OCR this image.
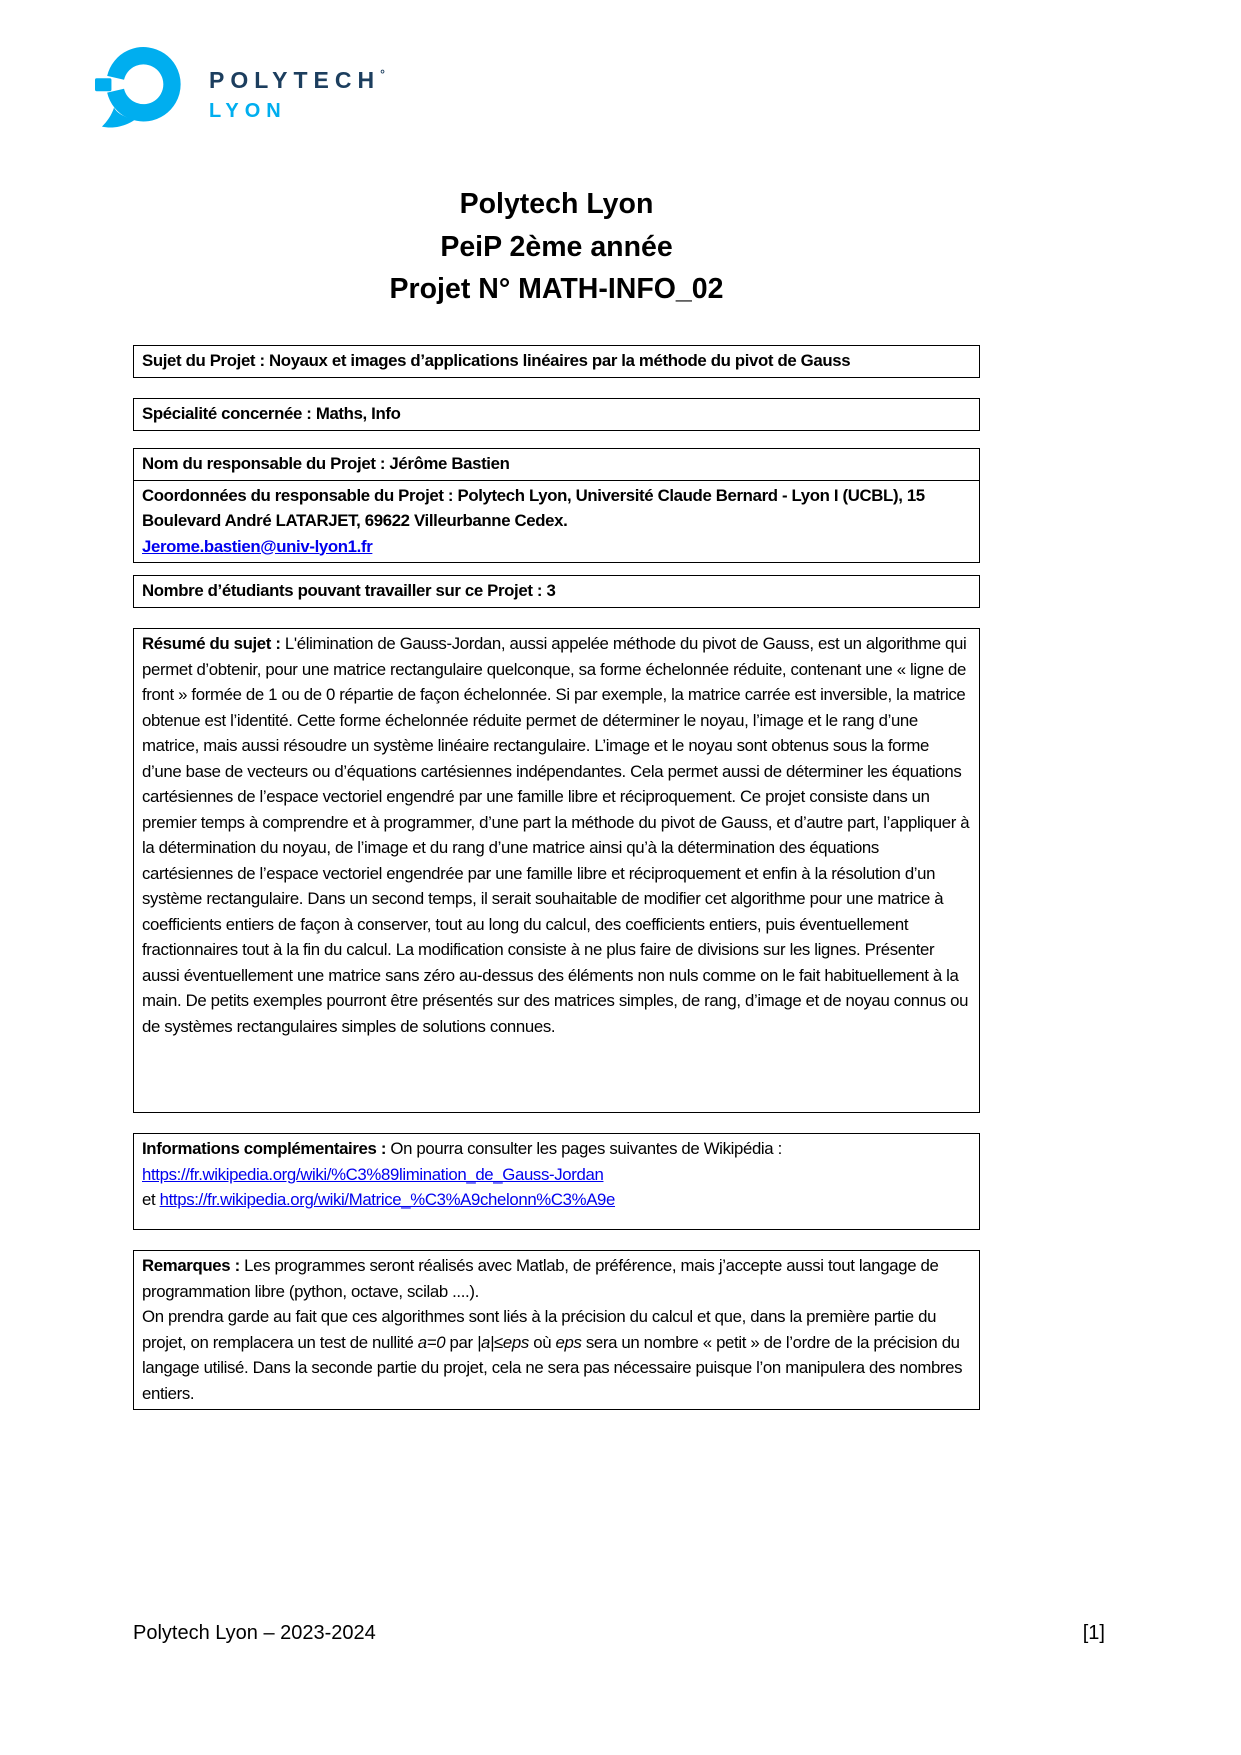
POLYTECH°
LYON
Polytech Lyon
PeiP 2ème année
Projet N° MATH-INFO_02
Sujet du Projet : Noyaux et images d’applications linéaires par la méthode du pivot de Gauss
Spécialité concernée : Maths, Info
Nom du responsable du Projet : Jérôme Bastien
Coordonnées du responsable du Projet : Polytech Lyon, Université Claude Bernard - Lyon I (UCBL), 15 Boulevard André LATARJET, 69622 Villeurbanne Cedex.
Jerome.bastien@univ-lyon1.fr
Nombre d’étudiants pouvant travailler sur ce Projet : 3
Résumé du sujet : L'élimination de Gauss-Jordan, aussi appelée méthode du pivot de Gauss, est un algorithme qui permet d’obtenir, pour une matrice rectangulaire quelconque, sa forme échelonnée réduite, contenant une « ligne de front » formée de 1 ou de 0 répartie de façon échelonnée. Si par exemple, la matrice carrée est inversible, la matrice obtenue est l’identité. Cette forme échelonnée réduite permet de déterminer le noyau, l’image et le rang d’une matrice, mais aussi résoudre un système linéaire rectangulaire. L’image et le noyau sont obtenus sous la forme d’une base de vecteurs ou d’équations cartésiennes indépendantes. Cela permet aussi de déterminer les équations cartésiennes de l’espace vectoriel engendré par une famille libre et réciproquement. Ce projet consiste dans un premier temps à comprendre et à programmer, d’une part la méthode du pivot de Gauss, et d’autre part, l’appliquer à la détermination du noyau, de l’image et du rang d’une matrice ainsi qu’à la détermination des équations cartésiennes de l’espace vectoriel engendrée par une famille libre et réciproquement et enfin à la résolution d’un système rectangulaire. Dans un second temps, il serait souhaitable de modifier cet algorithme pour une matrice à coefficients entiers de façon à conserver, tout au long du calcul, des coefficients entiers, puis éventuellement fractionnaires tout à la fin du calcul. La modification consiste à ne plus faire de divisions sur les lignes. Présenter aussi éventuellement une matrice sans zéro au-dessus des éléments non nuls comme on le fait habituellement à la main. De petits exemples pourront être présentés sur des matrices simples, de rang, d’image et de noyau connus ou de systèmes rectangulaires simples de solutions connues.
Informations complémentaires : On pourra consulter les pages suivantes de Wikipédia :
https://fr.wikipedia.org/wiki/%C3%89limination_de_Gauss-Jordan
et https://fr.wikipedia.org/wiki/Matrice_%C3%A9chelonn%C3%A9e
Remarques : Les programmes seront réalisés avec Matlab, de préférence, mais j’accepte aussi tout langage de programmation libre (python, octave, scilab ....).
On prendra garde au fait que ces algorithmes sont liés à la précision du calcul et que, dans la première partie du projet, on remplacera un test de nullité a=0 par |a|≤eps où eps sera un nombre « petit » de l’ordre de la précision du langage utilisé. Dans la seconde partie du projet, cela ne sera pas nécessaire puisque l’on manipulera des nombres entiers.
Polytech Lyon – 2023-2024	[1]
